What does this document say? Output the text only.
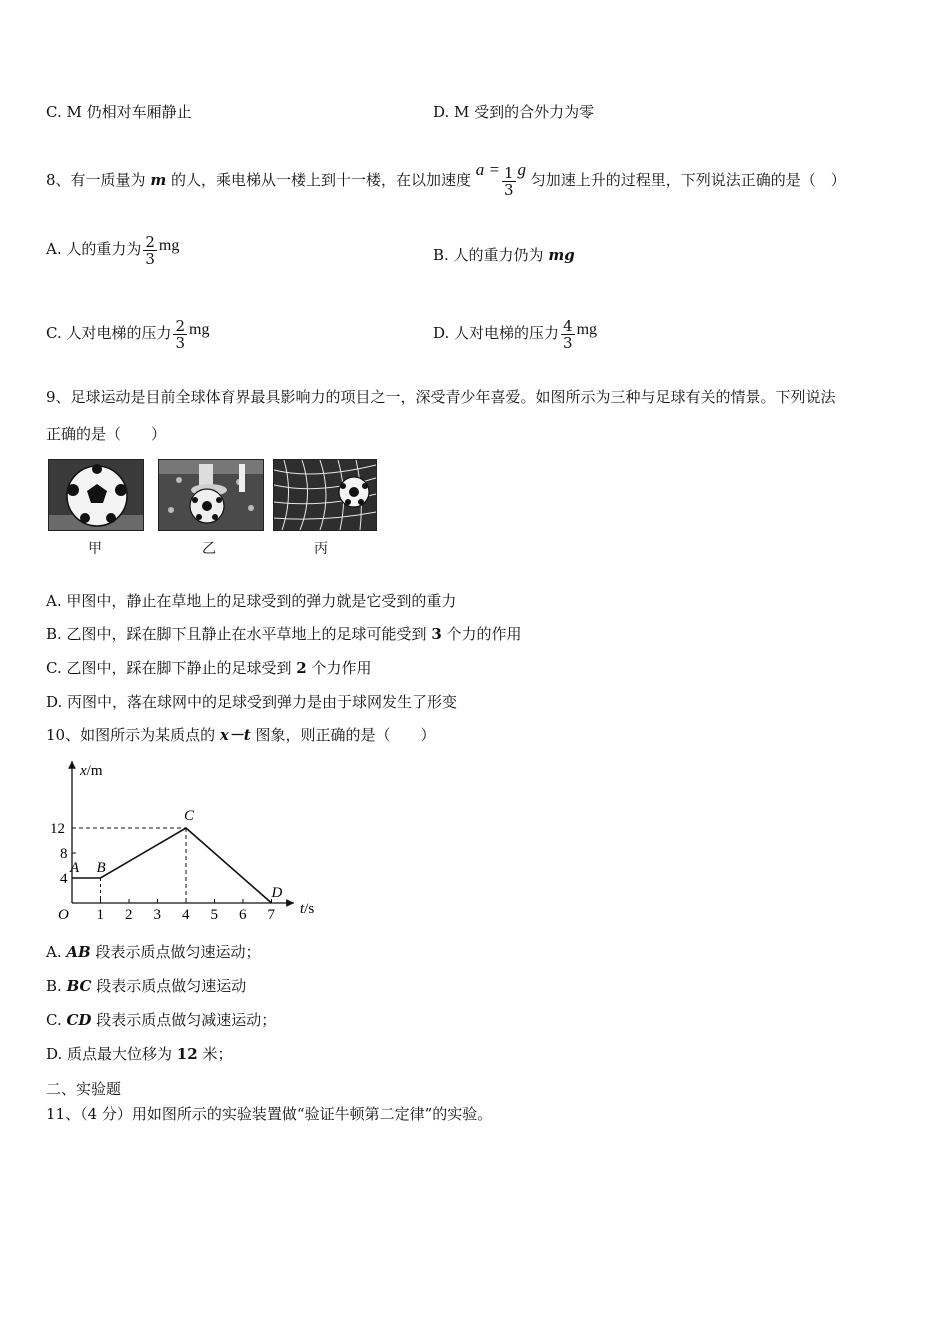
C. M 仍相对车厢静止	D. M 受到的合外力为零
8、有一质量为 m 的人，乘电梯从一楼上到十一楼，在以加速度 $a = \frac{1}{3}$ g 匀加速上升的过程里，下列说法正确的是（　）
A. 人的重力为 $\frac{2}{3}$ mg
B. 人的重力仍为 mg
C. 人对电梯的压力 $\frac{2}{3}$ mg	D. 人对电梯的压力 $\frac{4}{3}$ mg
9、足球运动是目前全球体育界最具影响力的项目之一，深受青少年喜爱。如图所示为三种与足球有关的情景。下列说法
正确的是（　　）
甲	乙	丙
A. 甲图中，静止在草地上的足球受到的弹力就是它受到的重力
B. 乙图中，踩在脚下且静止在水平草地上的足球可能受到 3 个力的作用
C. 乙图中，踩在脚下静止的足球受到 2 个力作用
D. 丙图中，落在球网中的足球受到弹力是由于球网发生了形变
10、如图所示为某质点的 x－t 图象，则正确的是（　　）
1 2 3 4 5 6 7
4
8
12
A B
C
D
x/m
t/s
O
A. AB 段表示质点做匀速运动；
B. BC 段表示质点做匀速运动
C. CD 段表示质点做匀减速运动；
D. 质点最大位移为 12 米；
二、实验题
11、（4 分）用如图所示的实验装置做“验证牛顿第二定律”的实验。
